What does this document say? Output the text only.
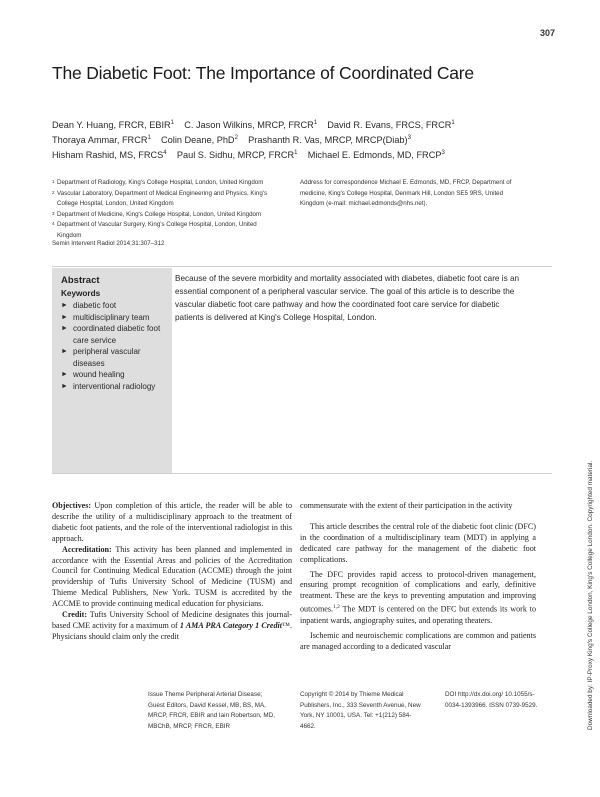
307
The Diabetic Foot: The Importance of Coordinated Care
Dean Y. Huang, FRCR, EBIR$^1$ C. Jason Wilkins, MRCP, FRCR$^1$ David R. Evans, FRCS, FRCR$^1$
Thoraya Ammar, FRCR$^1$ Colin Deane, PhD$^2$ Prashanth R. Vas, MRCP, MRCP(Diab)$^3$
Hisham Rashid, MS, FRCS$^4$ Paul S. Sidhu, MRCP, FRCR$^1$ Michael E. Edmonds, MD, FRCP$^3$
1 Department of Radiology, King's College Hospital, London, United Kingdom
2 Vascular Laboratory, Department of Medical Engineering and Physics, King's College Hospital, London, United Kingdom
3 Department of Medicine, King's College Hospital, London, United Kingdom
4 Department of Vascular Surgery, King's College Hospital, London, United Kingdom
Address for correspondence Michael E. Edmonds, MD, FRCP, Department of medicine, King's College Hospital, Denmark Hill, London SE5 9RS, United Kingdom (e-mail: michael.edmonds@nhs.net).
Semin Intervent Radiol 2014;31:307–312
Abstract
Keywords
► diabetic foot
► multidisciplinary team
► coordinated diabetic foot care service
► peripheral vascular diseases
► wound healing
► interventional radiology
Because of the severe morbidity and mortality associated with diabetes, diabetic foot care is an essential component of a peripheral vascular service. The goal of this article is to describe the vascular diabetic foot care pathway and how the coordinated foot care service for diabetic patients is delivered at King's College Hospital, London.

Objectives: Upon completion of this article, the reader will be able to describe the utility of a multidisciplinary approach to the treatment of diabetic foot patients, and the role of the interventional radiologist in this approach.

Accreditation: This activity has been planned and implemented in accordance with the Essential Areas and policies of the Accreditation Council for Continuing Medical Education (ACCME) through the joint providership of Tufts University School of Medicine (TUSM) and Thieme Medical Publishers, New York. TUSM is accredited by the ACCME to provide continuing medical education for physicians.

Credit: Tufts University School of Medicine designates this journal-based CME activity for a maximum of 1 AMA PRA Category 1 Credit™. Physicians should claim only the credit

commensurate with the extent of their participation in the activity

This article describes the central role of the diabetic foot clinic (DFC) in the coordination of a multidisciplinary team (MDT) in applying a dedicated care pathway for the management of the diabetic foot complications.

The DFC provides rapid access to protocol-driven management, ensuring prompt recognition of complications and early, definitive treatment. These are the keys to preventing amputation and improving outcomes.$^{1,2}$ The MDT is centered on the DFC but extends its work to inpatient wards, angiography suites, and operating theaters.

Ischemic and neuroischemic complications are common and patients are managed according to a dedicated vascular

Issue Theme Peripheral Arterial Disease; Guest Editors, David Kessel, MB, BS, MA, MRCP, FRCR, EBIR and Iain Robertson, MD, MBChB, MRCP, FRCR, EBIR
Copyright © 2014 by Thieme Medical Publishers, Inc., 333 Seventh Avenue, New York, NY 10001, USA. Tel: +1(212) 584-4662.
DOI http://dx.doi.org/ 10.1055/s-0034-1393966. ISSN 0739-9529.	Downloaded by: IP-Proxy King's College London, King's College London. Copyrighted material.
